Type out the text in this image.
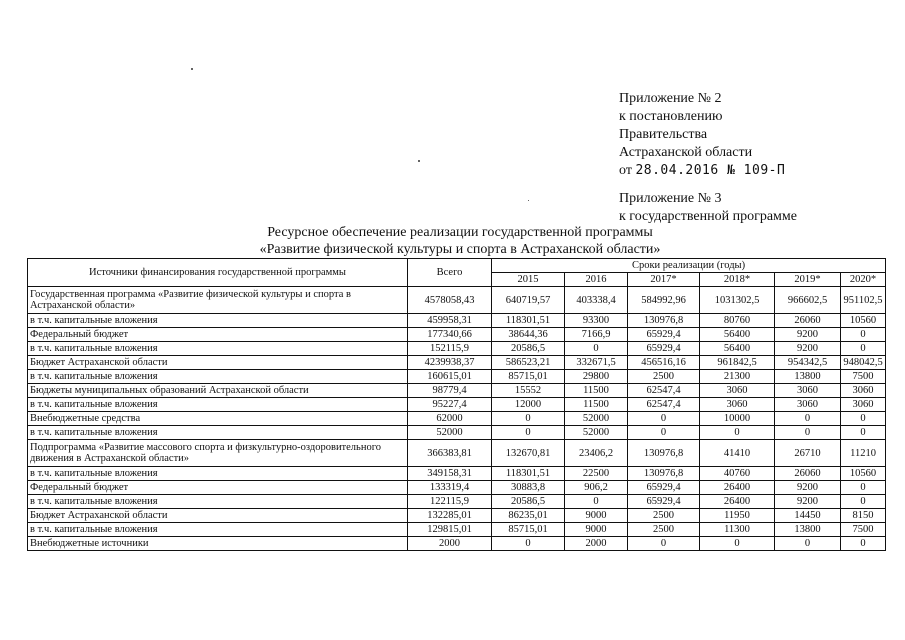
Приложение № 2
к постановлению
Правительства
Астраханской области
от 28.04.2016 № 109-П
Приложение № 3
к государственной программе
Ресурсное обеспечение реализации государственной программы
«Развитие физической культуры и спорта в Астраханской области»
Источники финансирования государственной программы	Всего	Сроки реализации (годы)					
		2015	2016	2017*	2018*	2019*	2020*
Государственная программа «Развитие физической культуры и спорта в Астраханской области»	4578058,43	640719,57	403338,4	584992,96	1031302,5	966602,5	951102,5
в т.ч. капитальные вложения	459958,31	118301,51	93300	130976,8	80760	26060	10560
Федеральный бюджет	177340,66	38644,36	7166,9	65929,4	56400	9200	0
в т.ч. капитальные вложения	152115,9	20586,5	0	65929,4	56400	9200	0
Бюджет Астраханской области	4239938,37	586523,21	332671,5	456516,16	961842,5	954342,5	948042,5
в т.ч. капитальные вложения	160615,01	85715,01	29800	2500	21300	13800	7500
Бюджеты муниципальных образований Астраханской области	98779,4	15552	11500	62547,4	3060	3060	3060
в т.ч. капитальные вложения	95227,4	12000	11500	62547,4	3060	3060	3060
Внебюджетные средства	62000	0	52000	0	10000	0	0
в т.ч. капитальные вложения	52000	0	52000	0	0	0	0
Подпрограмма «Развитие массового спорта и физкультурно-оздоровительного движения в Астраханской области»	366383,81	132670,81	23406,2	130976,8	41410	26710	11210
в т.ч. капитальные вложения	349158,31	118301,51	22500	130976,8	40760	26060	10560
Федеральный бюджет	133319,4	30883,8	906,2	65929,4	26400	9200	0
в т.ч. капитальные вложения	122115,9	20586,5	0	65929,4	26400	9200	0
Бюджет Астраханской области	132285,01	86235,01	9000	2500	11950	14450	8150
в т.ч. капитальные вложения	129815,01	85715,01	9000	2500	11300	13800	7500
Внебюджетные источники	2000	0	2000	0	0	0	0
